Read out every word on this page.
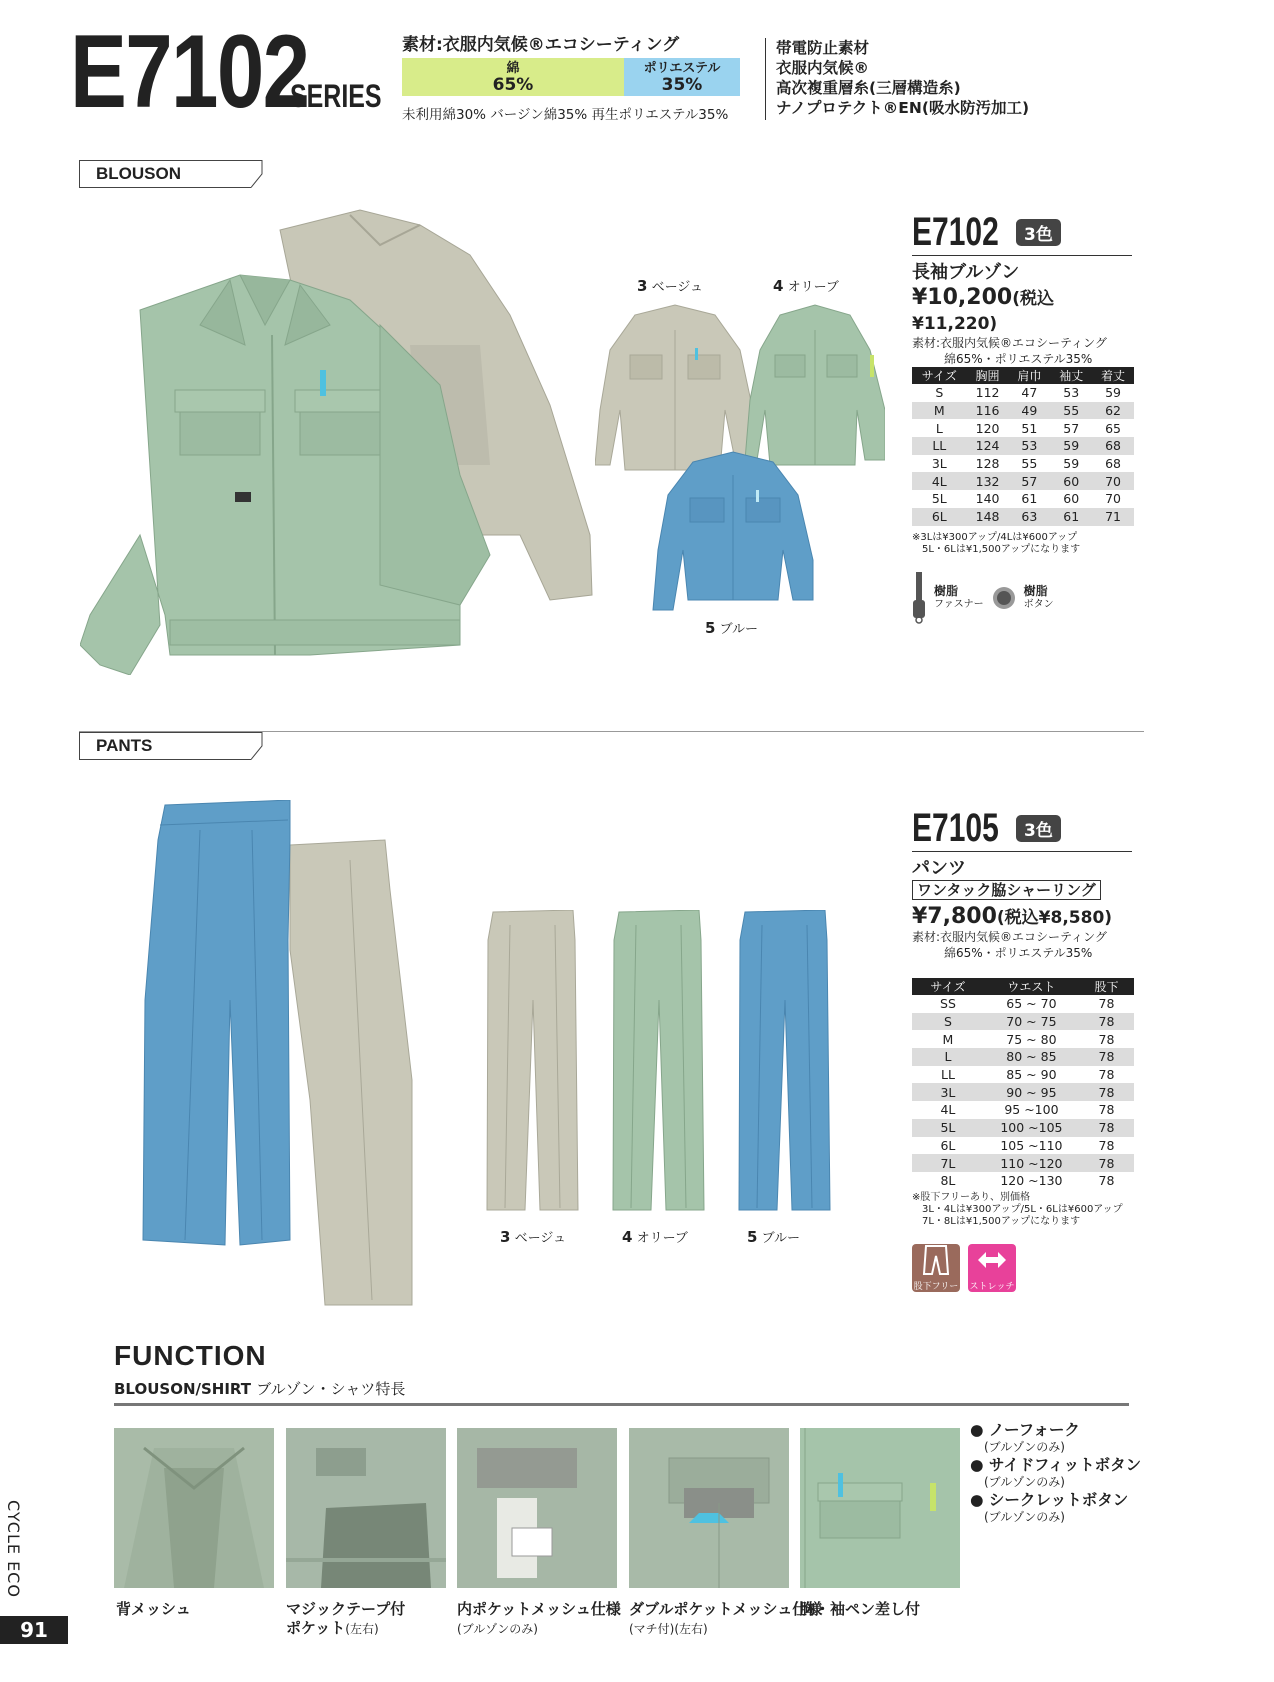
E7102
SERIES
素材:衣服内気候®エコシーティング
綿
65%
ポリエステル
35%
未利用綿30% バージン綿35% 再生ポリエステル35%
帯電防止素材
衣服内気候®
高次複重層糸(三層構造糸)
ナノプロテクト®EN(吸水防汚加工)
BLOUSON
3 ベージュ	4 オリーブ
5 ブルー
E7102	3色
長袖ブルゾン
¥10,200(税込¥11,220)
素材:衣服内気候®エコシーティング
綿65%・ポリエステル35%
サイズ	胸囲	肩巾	袖丈	着丈
S	112	47	53	59
M	116	49	55	62
L	120	51	57	65
LL	124	53	59	68
3L	128	55	59	68
4L	132	57	60	70
5L	140	61	60	70
6L	148	63	61	71
※3Lは¥300アップ/4Lは¥600アップ
5L・6Lは¥1,500アップになります
樹脂
ファスナー
樹脂
ボタン
PANTS
3 ベージュ	4 オリーブ	5 ブルー
E7105	3色
パンツ
ワンタック脇シャーリング
¥7,800(税込¥8,580)
素材:衣服内気候®エコシーティング
綿65%・ポリエステル35%
サイズ	ウエスト	股下
SS	65 ~ 70	78
S	70 ~ 75	78
M	75 ~ 80	78
L	80 ~ 85	78
LL	85 ~ 90	78
3L	90 ~ 95	78
4L	95 ~100	78
5L	100 ~105	78
6L	105 ~110	78
7L	110 ~120	78
8L	120 ~130	78
※股下フリーあり、別価格
3L・4Lは¥300アップ/5L・6Lは¥600アップ
7L・8Lは¥1,500アップになります
股下フリー有
ストレッチ
FUNCTION
BLOUSON/SHIRT ブルゾン・シャツ特長
背メッシュ	マジックテープ付
ポケット(左右)
内ポケットメッシュ仕様
(ブルゾンのみ)
ダブルポケットメッシュ仕様
(マチ付)(左右)
胸・袖ペン差し付
● ノーフォーク
(ブルゾンのみ)
● サイドフィットボタン
(ブルゾンのみ)
● シークレットボタン
(ブルゾンのみ)
CYCLE ECO
91
